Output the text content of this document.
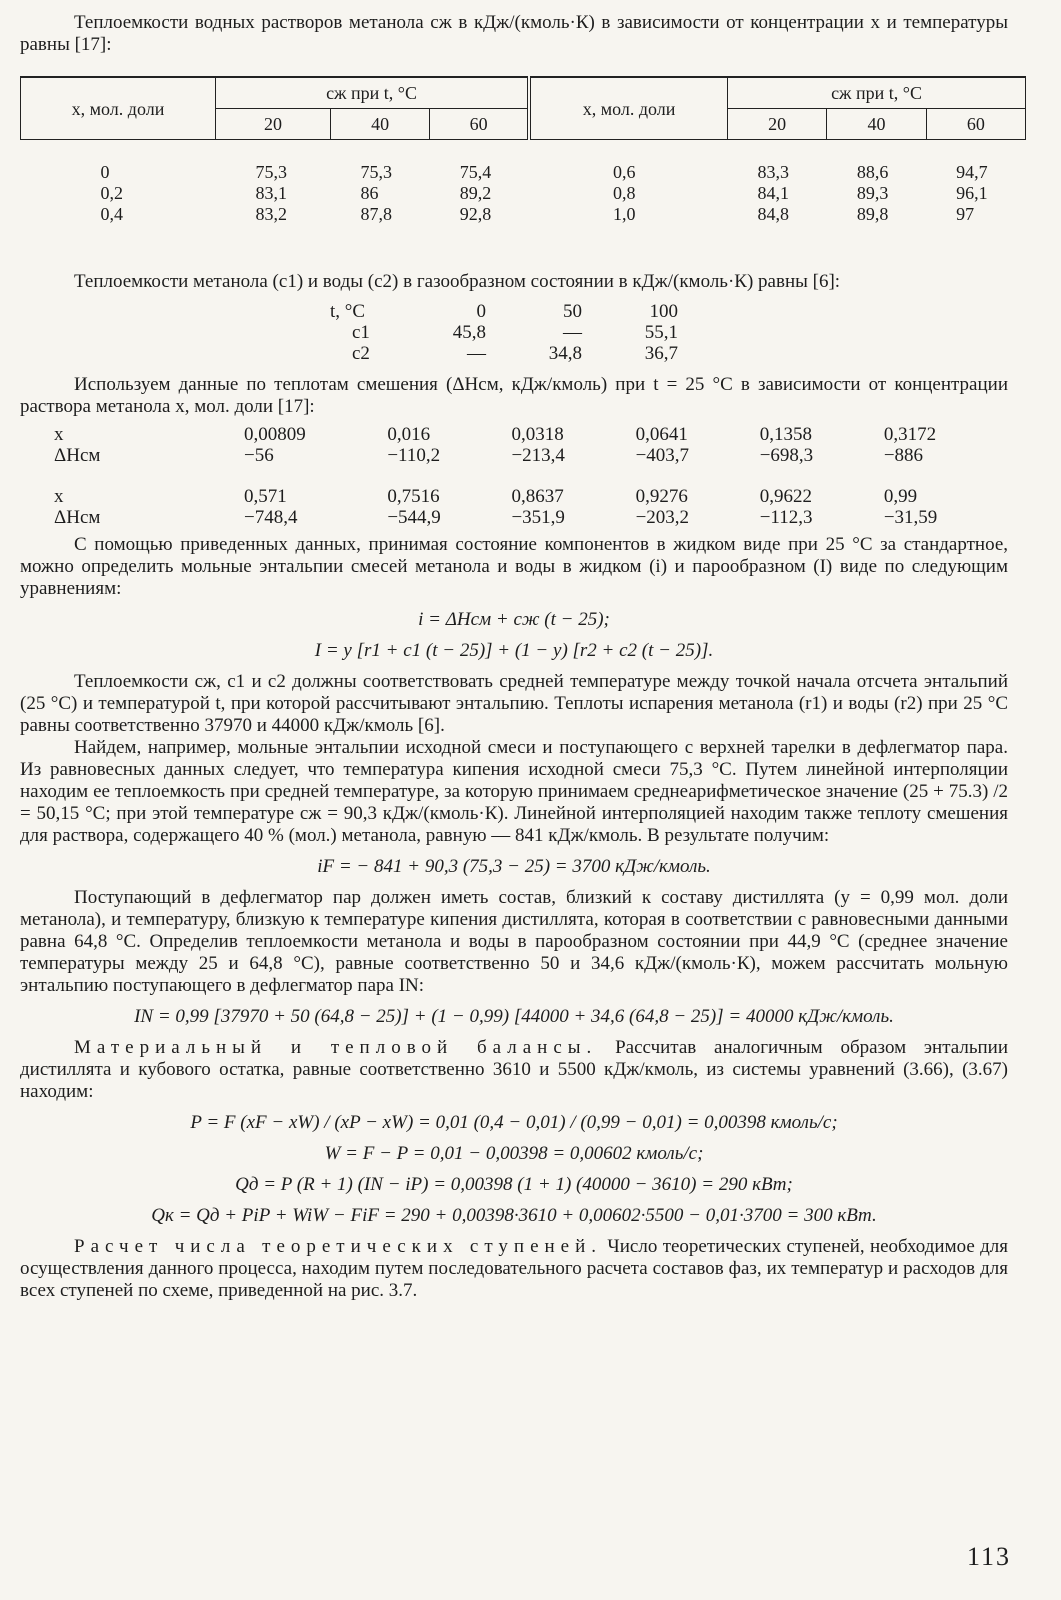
Теплоемкости водных растворов метанола cж в кДж/(кмоль·К) в зависимости от концентрации x и температуры равны [17]:

x, мол. доли	cж при t, °C			x, мол. доли	cж при t, °C		
	20	40	60		20	40	60

0	75,3	75,3	75,4	0,6	83,3	88,6	94,7
0,2	83,1	86	89,2	0,8	84,1	89,3	96,1
0,4	83,2	87,8	92,8	1,0	84,8	89,8	97

Теплоемкости метанола (c1) и воды (c2) в газообразном состоянии в кДж/(кмоль·К) равны [6]:

t, °C	0	50	100
c1	45,8	—	55,1
c2	—	34,8	36,7

Используем данные по теплотам смешения (ΔHсм, кДж/кмоль) при t = 25 °C в зависимости от концентрации раствора метанола x, мол. доли [17]:

x	0,00809	0,016	0,0318	0,0641	0,1358	0,3172
ΔHсм	−56	−110,2	−213,4	−403,7	−698,3	−886

x	0,571	0,7516	0,8637	0,9276	0,9622	0,99
ΔHсм	−748,4	−544,9	−351,9	−203,2	−112,3	−31,59

С помощью приведенных данных, принимая состояние компонентов в жидком виде при 25 °C за стандартное, можно определить мольные энтальпии смесей метанола и воды в жидком (i) и парообразном (I) виде по следующим уравнениям:

i = ΔHсм + cж (t − 25);
I = y [r1 + c1 (t − 25)] + (1 − y) [r2 + c2 (t − 25)].

Теплоемкости cж, c1 и c2 должны соответствовать средней температуре между точкой начала отсчета энтальпий (25 °C) и температурой t, при которой рассчитывают энтальпию. Теплоты испарения метанола (r1) и воды (r2) при 25 °C равны соответственно 37970 и 44000 кДж/кмоль [6].

Найдем, например, мольные энтальпии исходной смеси и поступающего с верхней тарелки в дефлегматор пара. Из равновесных данных следует, что температура кипения исходной смеси 75,3 °C. Путем линейной интерполяции находим ее теплоемкость при средней температуре, за которую принимаем среднеарифметическое значение (25 + 75.3) /2 = 50,15 °C; при этой температуре cж = 90,3 кДж/(кмоль·К). Линейной интерполяцией находим также теплоту смешения для раствора, содержащего 40 % (мол.) метанола, равную — 841 кДж/кмоль. В результате получим:

iF = − 841 + 90,3 (75,3 − 25) = 3700 кДж/кмоль.

Поступающий в дефлегматор пар должен иметь состав, близкий к составу дистиллята (y = 0,99 мол. доли метанола), и температуру, близкую к температуре кипения дистиллята, которая в соответствии с равновесными данными равна 64,8 °C. Определив теплоемкости метанола и воды в парообразном состоянии при 44,9 °C (среднее значение температуры между 25 и 64,8 °C), равные соответственно 50 и 34,6 кДж/(кмоль·К), можем рассчитать мольную энтальпию поступающего в дефлегматор пара IN:

IN = 0,99 [37970 + 50 (64,8 − 25)] + (1 − 0,99) [44000 + 34,6 (64,8 − 25)] = 40000 кДж/кмоль.

Материальный и тепловой балансы. Рассчитав аналогичным образом энтальпии дистиллята и кубового остатка, равные соответственно 3610 и 5500 кДж/кмоль, из системы уравнений (3.66), (3.67) находим:

P = F (xF − xW) / (xP − xW) = 0,01 (0,4 − 0,01) / (0,99 − 0,01) = 0,00398 кмоль/с;
W = F − P = 0,01 − 0,00398 = 0,00602 кмоль/с;
Qд = P (R + 1) (IN − iP) = 0,00398 (1 + 1) (40000 − 3610) = 290 кВт;
Qк = Qд + PiP + WiW − FiF = 290 + 0,00398·3610 + 0,00602·5500 − 0,01·3700 = 300 кВт.

Расчет числа теоретических ступеней. Число теоретических ступеней, необходимое для осуществления данного процесса, находим путем последовательного расчета составов фаз, их температур и расходов для всех ступеней по схеме, приведенной на рис. 3.7.

113
